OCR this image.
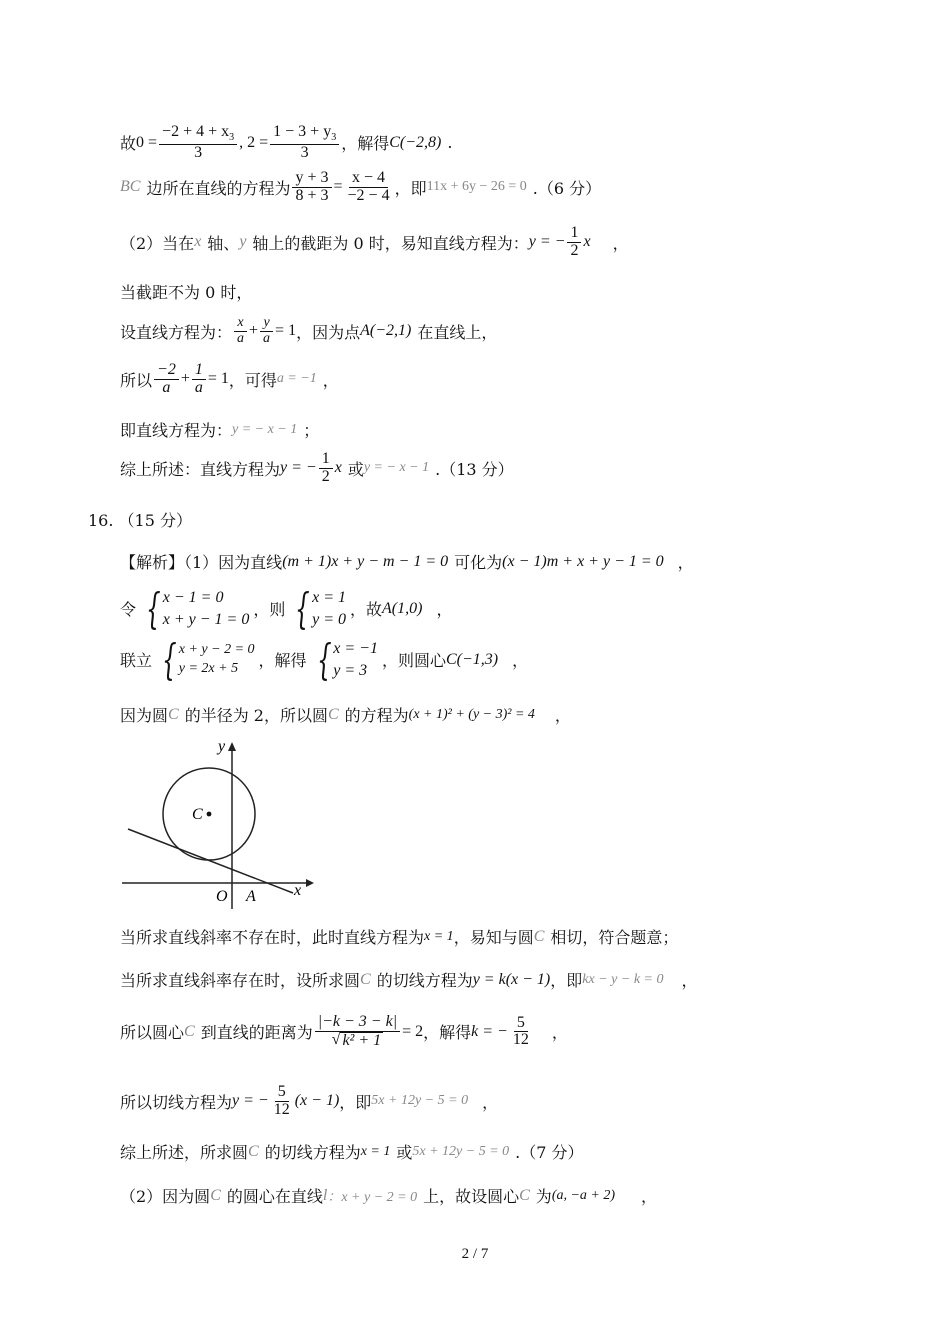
故 $0 = \frac{-2 + 4 + x_3}{3}$ , $2 = \frac{1 - 3 + y_3}{3}$ ，解得 C(−2,8) .
BC 边所在直线的方程为 $\frac{y + 3}{8 + 3} = \frac{x - 4}{-2 - 4}$ ，即 11x + 6y − 26 = 0 .（6 分）
（2）当在 x 轴、 y 轴上的截距为 0 时，易知直线方程为： y = − $\frac{1}{2}$ x ，
当截距不为 0 时，
设直线方程为： $\frac{x}{a} + \frac{y}{a} = 1$ ，因为点 A(−2,1) 在直线上，
所以 $\frac{-2}{a} + \frac{1}{a} = 1$ ，可得 a = −1 ，
即直线方程为： y = − x − 1 ；
综上所述：直线方程为 y = − $\frac{1}{2}$ x 或 y = − x − 1 .（13 分）
16. （15 分）
【解析】（1）因为直线 (m + 1)x + y − m − 1 = 0 可化为 (x − 1)m + x + y − 1 = 0 ，
令 { x − 1 = 0
x + y − 1 = 0 ，则 { x = 1
y = 0 ，故 A(1,0) ，
联立 { x + y − 2 = 0
y = 2x + 5	，解得 { x = −1
y = 3 ，则圆心 C(−1,3) ，
因为圆 C 的半径为 2，所以圆 C 的方程为 (x + 1)² + (y − 3)² = 4 ，
y
x
C
O A
当所求直线斜率不存在时，此时直线方程为 x = 1 ，易知与圆 C 相切，符合题意；
当所求直线斜率存在时，设所求圆 C 的切线方程为 y = k(x − 1) ，即 kx − y − k = 0 ，
所以圆心 C 到直线的距离为 $\frac{|-k - 3 - k|}{\text{√ k² + 1}} = 2$ ，解得 k = − $\frac{5}{12}$ ，
所以切线方程为 y = − $\frac{5}{12} (x - 1)$ ，即 5x + 12y − 5 = 0 ，
综上所述，所求圆 C 的切线方程为 x = 1 或 5x + 12y − 5 = 0 .（7 分）
（2）因为圆 C 的圆心在直线 l ：x + y − 2 = 0 上，故设圆心 C 为 (a, −a + 2) ，
2 / 7
